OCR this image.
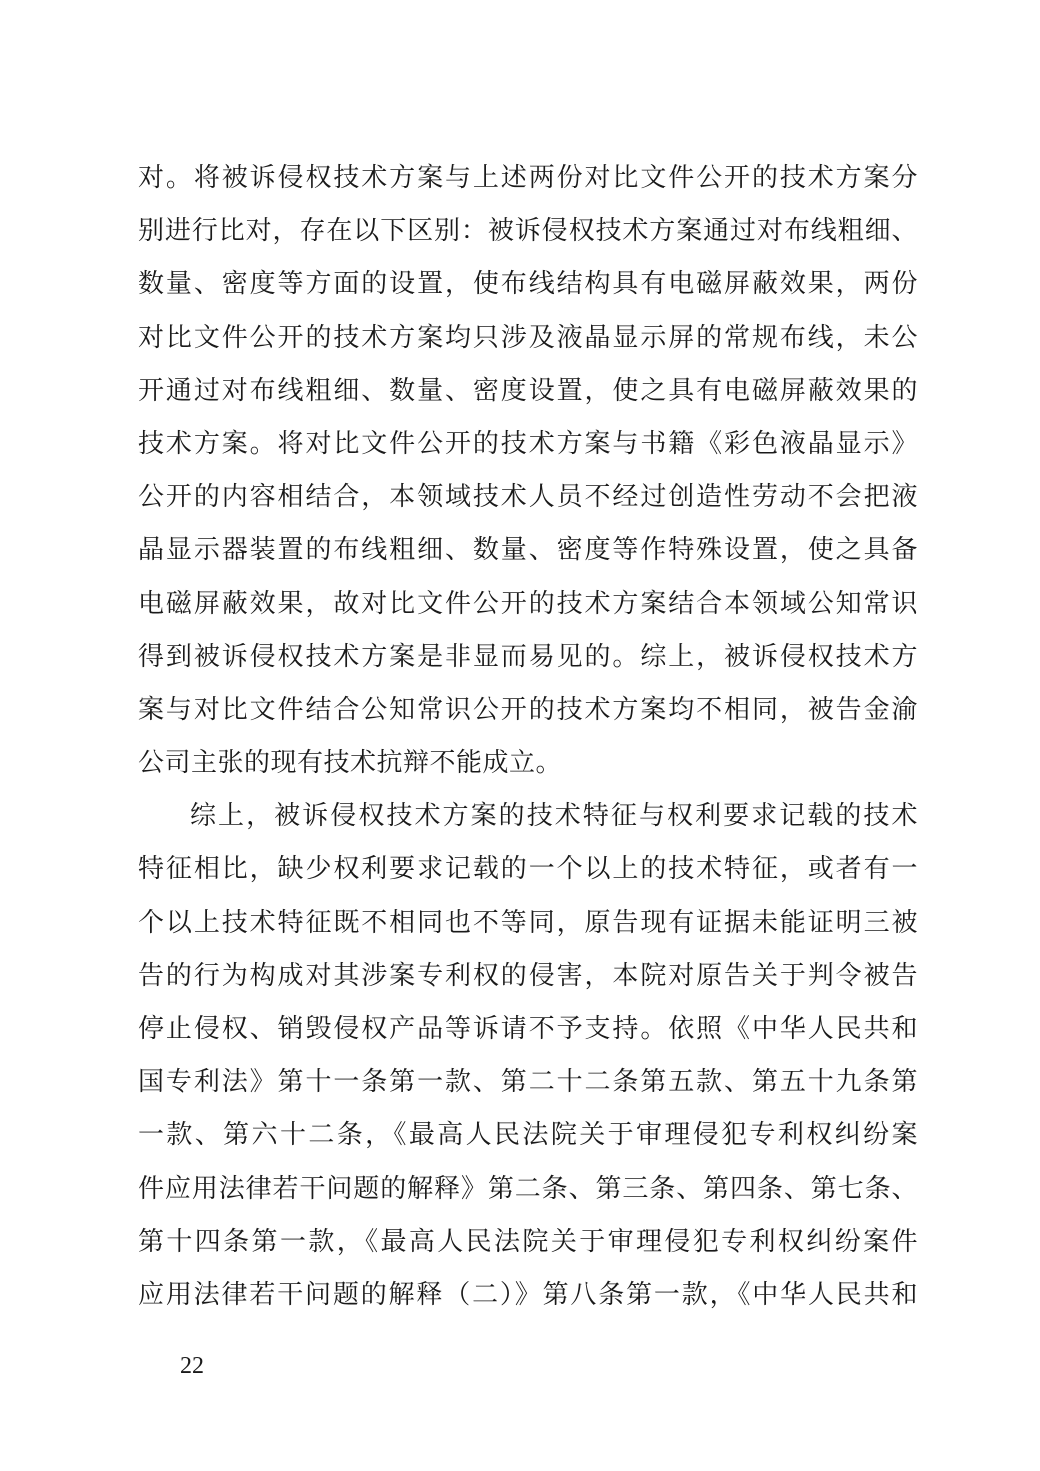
对。将被诉侵权技术方案与上述两份对比文件公开的技术方案分
别进行比对，存在以下区别：被诉侵权技术方案通过对布线粗细、
数量、密度等方面的设置，使布线结构具有电磁屏蔽效果，两份
对比文件公开的技术方案均只涉及液晶显示屏的常规布线，未公
开通过对布线粗细、数量、密度设置，使之具有电磁屏蔽效果的
技术方案。将对比文件公开的技术方案与书籍《彩色液晶显示》
公开的内容相结合，本领域技术人员不经过创造性劳动不会把液
晶显示器装置的布线粗细、数量、密度等作特殊设置，使之具备
电磁屏蔽效果，故对比文件公开的技术方案结合本领域公知常识
得到被诉侵权技术方案是非显而易见的。综上，被诉侵权技术方
案与对比文件结合公知常识公开的技术方案均不相同，被告金渝
公司主张的现有技术抗辩不能成立。
综上，被诉侵权技术方案的技术特征与权利要求记载的技术
特征相比，缺少权利要求记载的一个以上的技术特征，或者有一
个以上技术特征既不相同也不等同，原告现有证据未能证明三被
告的行为构成对其涉案专利权的侵害，本院对原告关于判令被告
停止侵权、销毁侵权产品等诉请不予支持。依照《中华人民共和
国专利法》第十一条第一款、第二十二条第五款、第五十九条第
一款、第六十二条，《最高人民法院关于审理侵犯专利权纠纷案
件应用法律若干问题的解释》第二条、第三条、第四条、第七条、
第十四条第一款，《最高人民法院关于审理侵犯专利权纠纷案件
应用法律若干问题的解释（二）》第八条第一款，《中华人民共和
22
